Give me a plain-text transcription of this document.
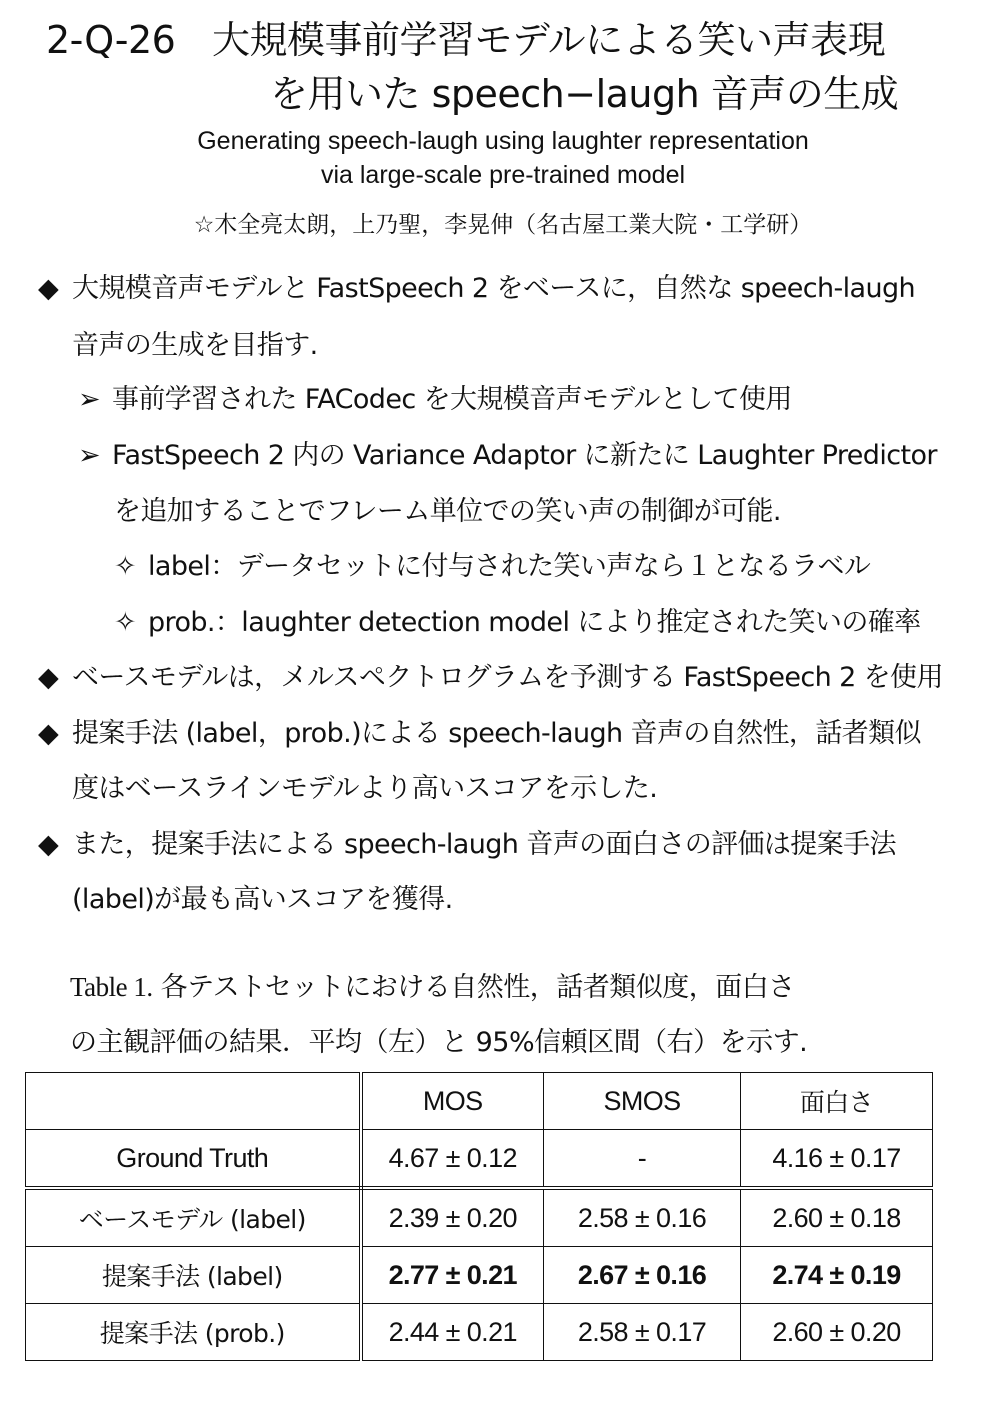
2-Q-26 大規模事前学習モデルによる笑い声表現
を用いた speech−laugh 音声の生成
Generating speech-laugh using laughter representation
via large-scale pre-trained model
☆木全亮太朗，上乃聖，李晃伸（名古屋工業大院・工学研）
◆ 大規模音声モデルと FastSpeech 2 をベースに，自然な speech-laugh
音声の生成を目指す.
➢ 事前学習された FACodec を大規模音声モデルとして使用
➢ FastSpeech 2 内の Variance Adaptor に新たに Laughter Predictor
を追加することでフレーム単位での笑い声の制御が可能.
✧ label：データセットに付与された笑い声なら１となるラベル
✧ prob.：laughter detection model により推定された笑いの確率
◆ ベースモデルは，メルスペクトログラムを予測する FastSpeech 2 を使用
◆ 提案手法 (label，prob.)による speech-laugh 音声の自然性，話者類似
度はベースラインモデルより高いスコアを示した.
◆ また，提案手法による speech-laugh 音声の面白さの評価は提案手法
(label)が最も高いスコアを獲得.
Table 1. 各テストセットにおける自然性，話者類似度，面白さ
の主観評価の結果．平均（左）と 95%信頼区間（右）を示す.
	MOS	SMOS	面白さ
Ground Truth	4.67 ± 0.12	-	4.16 ± 0.17
ベースモデル (label)	2.39 ± 0.20	2.58 ± 0.16	2.60 ± 0.18
提案手法 (label)	2.77 ± 0.21	2.67 ± 0.16	2.74 ± 0.19
提案手法 (prob.)	2.44 ± 0.21	2.58 ± 0.17	2.60 ± 0.20
